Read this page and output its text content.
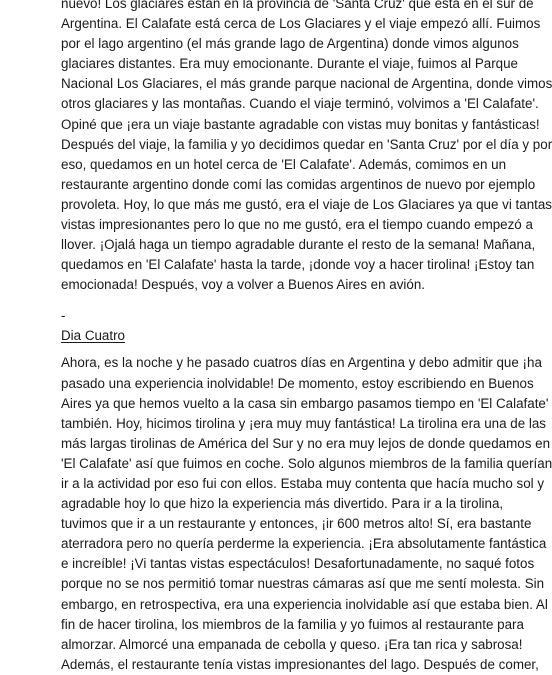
nuevo! Los glaciares están en la provincia de 'Santa Cruz' que está en el sur de
Argentina. El Calafate está cerca de Los Glaciares y el viaje empezó allí. Fuimos
por el lago argentino (el más grande lago de Argentina) donde vimos algunos
glaciares distantes. Era muy emocionante. Durante el viaje, fuimos al Parque
Nacional Los Glaciares, el más grande parque nacional de Argentina, donde vimos
otros glaciares y las montañas. Cuando el viaje terminó, volvimos a 'El Calafate'.
Opiné que ¡era un viaje bastante agradable con vistas muy bonitas y fantásticas!
Después del viaje, la familia y yo decidimos quedar en 'Santa Cruz' por el día y por
eso, quedamos en un hotel cerca de 'El Calafate'. Además, comimos en un
restaurante argentino donde comí las comidas argentinos de nuevo por ejemplo
provoleta. Hoy, lo que más me gustó, era el viaje de Los Glaciares ya que vi tantas
vistas impresionantes pero lo que no me gustó, era el tiempo cuando empezó a
llover. ¡Ojalá haga un tiempo agradable durante el resto de la semana! Mañana,
quedamos en 'El Calafate' hasta la tarde, ¡donde voy a hacer tirolina! ¡Estoy tan
emocionada! Después, voy a volver a Buenos Aires en avión.
-
Dia Cuatro
Ahora, es la noche y he pasado cuatros días en Argentina y debo admitir que ¡ha
pasado una experiencia inolvidable! De momento, estoy escribiendo en Buenos
Aires ya que hemos vuelto a la casa sin embargo pasamos tiempo en 'El Calafate'
también. Hoy, hicimos tirolina y ¡era muy muy fantástica! La tirolina era una de las
más largas tirolinas de América del Sur y no era muy lejos de donde quedamos en
'El Calafate' así que fuimos en coche. Solo algunos miembros de la familia querían
ir a la actividad por eso fui con ellos. Estaba muy contenta que hacía mucho sol y
agradable hoy lo que hizo la experiencia más divertido. Para ir a la tirolina,
tuvimos que ir a un restaurante y entonces, ¡ir 600 metros alto! Sí, era bastante
aterradora pero no quería perderme la experiencia. ¡Era absolutamente fantástica
e increíble! ¡Vi tantas vistas espectáculos! Desafortunadamente, no saqué fotos
porque no se nos permitió tomar nuestras cámaras así que me sentí molesta. Sin
embargo, en retrospectiva, era una experiencia inolvidable así que estaba bien. Al
fin de hacer tirolina, los miembros de la familia y yo fuimos al restaurante para
almorzar. Almorcé una empanada de cebolla y queso. ¡Era tan rica y sabrosa!
Además, el restaurante tenía vistas impresionantes del lago. Después de comer,
